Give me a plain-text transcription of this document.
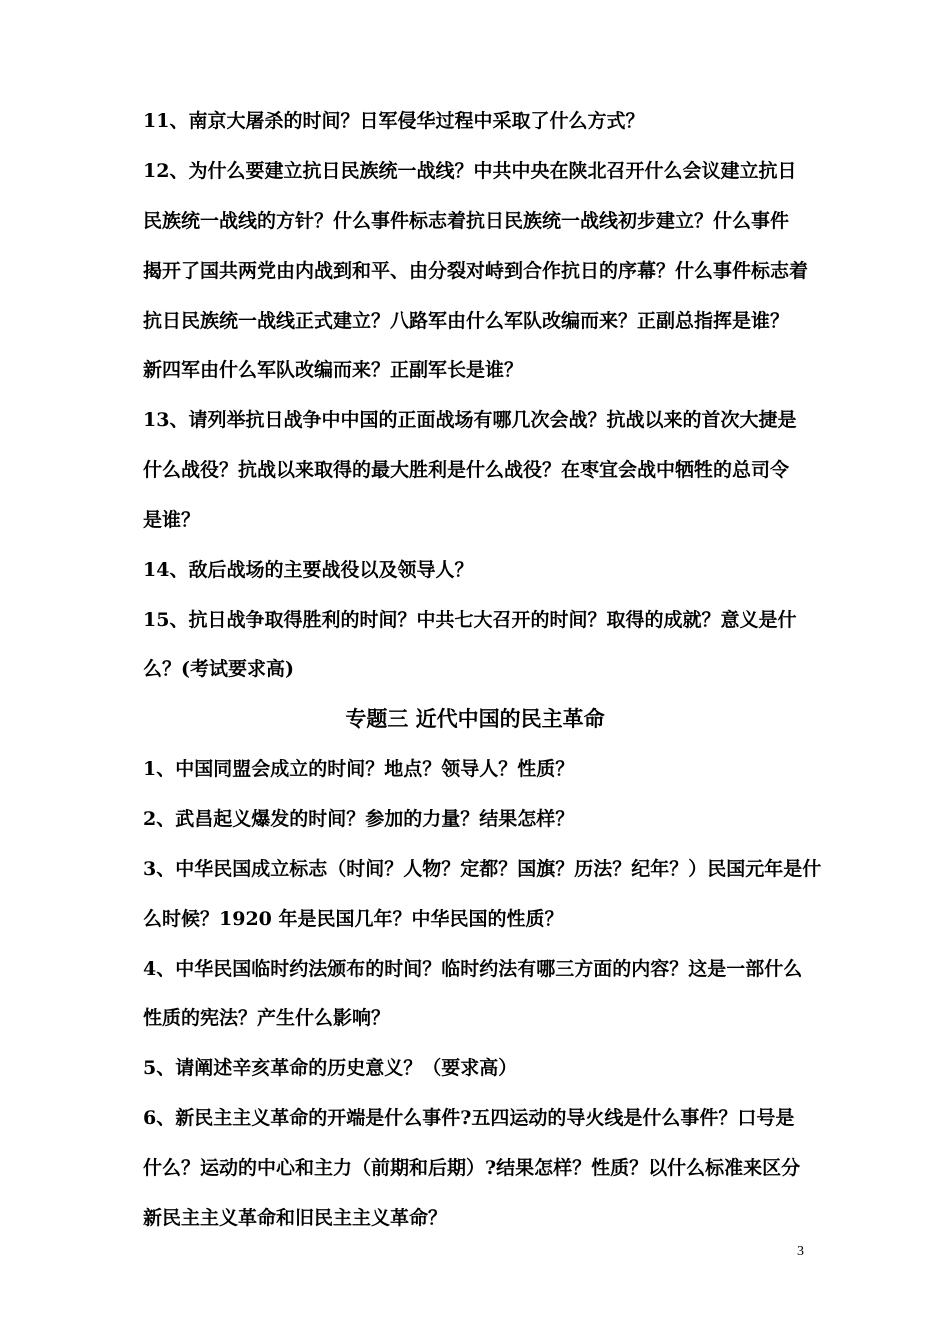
11、南京大屠杀的时间？日军侵华过程中采取了什么方式？
12、为什么要建立抗日民族统一战线？中共中央在陕北召开什么会议建立抗日
民族统一战线的方针？什么事件标志着抗日民族统一战线初步建立？什么事件
揭开了国共两党由内战到和平、由分裂对峙到合作抗日的序幕？什么事件标志着
抗日民族统一战线正式建立？八路军由什么军队改编而来？正副总指挥是谁？
新四军由什么军队改编而来？正副军长是谁？
13、请列举抗日战争中中国的正面战场有哪几次会战？抗战以来的首次大捷是
什么战役？抗战以来取得的最大胜利是什么战役？在枣宜会战中牺牲的总司令
是谁？
14、敌后战场的主要战役以及领导人？
15、抗日战争取得胜利的时间？中共七大召开的时间？取得的成就？意义是什
么？(考试要求高)
专题三 近代中国的民主革命
1、中国同盟会成立的时间？地点？领导人？性质？
2、武昌起义爆发的时间？参加的力量？结果怎样？
3、中华民国成立标志（时间？人物？定都？国旗？历法？纪年？）民国元年是什
么时候？1920 年是民国几年？中华民国的性质？
4、中华民国临时约法颁布的时间？临时约法有哪三方面的内容？这是一部什么
性质的宪法？产生什么影响？
5、请阐述辛亥革命的历史意义？（要求高）
6、新民主主义革命的开端是什么事件?五四运动的导火线是什么事件？口号是
什么？运动的中心和主力（前期和后期）?结果怎样？性质？以什么标准来区分
新民主主义革命和旧民主主义革命？
3
